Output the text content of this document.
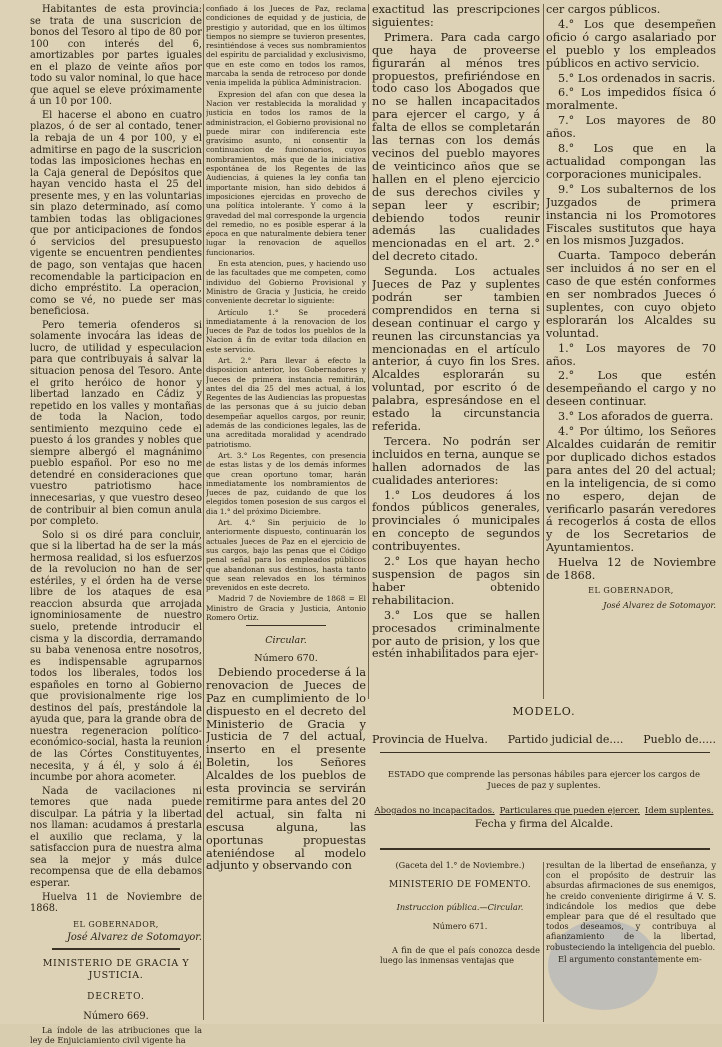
Habitantes de esta provincia: se trata de una suscricion de bonos del Tesoro al tipo de 80 por 100 con interés del 6, amortizables por partes iguales en el plazo de veinte años por todo su valor nominal, lo que hace que aquel se eleve próximamente á un 10 por 100.

El hacerse el abono en cuatro plazos, ó de ser al contado, tener la rebaja de un 4 por 100, y el admitirse en pago de la suscricion todas las imposiciones hechas en la Caja general de Depósitos que hayan vencido hasta el 25 del presente mes, y en las voluntarias sin plazo determinado, así como tambien todas las obligaciones que por anticipaciones de fondos ó servicios del presupuesto vigente se encuentren pendientes de pago, son ventajas que hacen recomendable la participacion en dicho empréstito. La operacion, como se vé, no puede ser mas beneficiosa.

Pero temeria ofenderos si solamente invocára las ideas de lucro, de utilidad y especulacion para que contribuyais á salvar la situacion penosa del Tesoro. Ante el grito heróico de honor y libertad lanzado en Cádiz y repetido en los valles y montañas de toda la Nacion, todo sentimiento mezquino cede el puesto á los grandes y nobles que siempre albergó el magnánimo pueblo español. Por eso no me detendré en consideraciones que vuestro patriotismo hace innecesarias, y que vuestro deseo de contribuir al bien comun anula por completo.

Solo si os diré para concluir, que si la libertad ha de ser la más hermosa realidad, si los esfuerzos de la revolucion no han de ser estériles, y el órden ha de verse libre de los ataques de esa reaccion absurda que arrojada ignominiosamente de nuestro suelo, pretende introducir el cisma y la discordia, derramando su baba venenosa entre nosotros, es indispensable agruparnos todos los liberales, todos los españoles en torno al Gobierno que provisionalmente rige los destinos del país, prestándole la ayuda que, para la grande obra de nuestra regeneracion político-económico-social, hasta la reunion de las Córtes Constituyentes, necesita, y á él, y solo á él incumbe por ahora acometer.

Nada de vacilaciones ni temores que nada puede disculpar. La pátria y la libertad nos llaman: acudamos á prestarla el auxilio que reclama, y la satisfaccion pura de nuestra alma sea la mejor y más dulce recompensa que de ella debamos esperar.

Huelva 11 de Noviembre de 1868.

EL GOBERNADOR,

José Alvarez de Sotomayor.

MINISTERIO DE GRACIA Y JUSTICIA.

DECRETO.

Número 669.

La índole de las atribuciones que la ley de Enjuiciamiento civil vigente ha

confiado á los Jueces de Paz, reclama condiciones de equidad y de justicia, de prestigio y autoridad, que en los últimos tiempos no siempre se tuvieron presentes, resintiéndose á veces sus nombramientos del espíritu de parcialidad y exclusivismo, que en este como en todos los ramos, marcaba la senda de retroceso por donde venia impelida la pública Administracion.

Expresion del afan con que desea la Nacion ver restablecida la moralidad y justicia en todos los ramos de la administracion, el Gobierno provisional no puede mirar con indiferencia este gravísimo asunto, ni consentir la continuacion de funcionarios, cuyos nombramientos, más que de la iniciativa espontánea de los Regentes de las Audiencias, á quienes la ley confia tan importante mision, han sido debidos á imposiciones ejercidas en provecho de una política intolerante. Y como á la gravedad del mal corresponde la urgencia del remedio, no es posible esperar á la época en que naturalmente debiera tener lugar la renovacion de aquellos funcionarios.

En esta atencion, pues, y haciendo uso de las facultades que me competen, como individuo del Gobierno Provisional y Ministro de Gracia y Justicia, he creido conveniente decretar lo siguiente:

Artículo 1.° Se procederá inmediatamente á la renovacion de los Jueces de Paz de todos los pueblos de la Nacion á fin de evitar toda dilacion en este servicio.

Art. 2.° Para llevar á efecto la disposicion anterior, los Gobernadores y Jueces de primera instancia remitirán, antes del dia 25 del mes actual, á los Regentes de las Audiencias las propuestas de las personas que á su juicio deban desempeñar aquellos cargos, por reunir, además de las condiciones legales, las de una acreditada moralidad y acendrado patriotismo.

Art. 3.° Los Regentes, con presencia de estas listas y de los demás informes que crean oportuno tomar, harán inmediatamente los nombramientos de Jueces de paz, cuidando de que los elegidos tomen posesion de sus cargos el dia 1.° del próximo Diciembre.

Art. 4.° Sin perjuicio de lo anteriormente dispuesto, continuarán los actuales Jueces de Paz en el ejercicio de sus cargos, bajo las penas que el Código penal señal para los empleados públicos que abandonan sus destinos, hasta tanto que sean relevados en los términos prevenidos en este decreto.

Madrid 7 de Noviembre de 1868 = El Ministro de Gracia y Justicia, Antonio Romero Ortiz.

Circular.

Número 670.

Debiendo procederse á la renovacion de Jueces de Paz en cumplimiento de lo dispuesto en el decreto del Ministerio de Gracia y Justicia de 7 del actual, inserto en el presente Boletin, los Señores Alcaldes de los pueblos de esta provincia se servirán remitirme para antes del 20 del actual, sin falta ni escusa alguna, las oportunas propuestas ateniéndose al modelo adjunto y observando con

exactitud las prescripciones siguientes:

Primera. Para cada cargo que haya de proveerse figurarán al ménos tres propuestos, prefiriéndose en todo caso los Abogados que no se hallen incapacitados para ejercer el cargo, y á falta de ellos se completarán las ternas con los demás vecinos del pueblo mayores de veinticinco años que se hallen en el pleno ejercicio de sus derechos civiles y sepan leer y escribir; debiendo todos reunir además las cualidades mencionadas en el art. 2.° del decreto citado.

Segunda. Los actuales Jueces de Paz y suplentes podrán ser tambien comprendidos en terna si desean continuar el cargo y reunen las circunstancias ya mencionadas en el artículo anterior, á cuyo fin los Sres. Alcaldes esplorarán su voluntad, por escrito ó de palabra, espresándose en el estado la circunstancia referida.

Tercera. No podrán ser incluidos en terna, aunque se hallen adornados de las cualidades anteriores:

1.° Los deudores á los fondos públicos generales, provinciales ó municipales en concepto de segundos contribuyentes.

2.° Los que hayan hecho suspension de pagos sin haber obtenido rehabilitacion.

3.° Los que se hallen procesados criminalmente por auto de prision, y los que estén inhabilitados para ejer-

cer cargos públicos.

4.° Los que desempeñen oficio ó cargo asalariado por el pueblo y los empleados públicos en activo servicio.

5.° Los ordenados in sacris.

6.° Los impedidos física ó moralmente.

7.° Los mayores de 80 años.

8.° Los que en la actualidad compongan las corporaciones municipales.

9.° Los subalternos de los Juzgados de primera instancia ni los Promotores Fiscales sustitutos que haya en los mismos Juzgados.

Cuarta. Tampoco deberán ser incluidos á no ser en el caso de que estén conformes en ser nombrados Jueces ó suplentes, con cuyo objeto esplorarán los Alcaldes su voluntad.

1.° Los mayores de 70 años.

2.° Los que estén desempeñando el cargo y no deseen continuar.

3.° Los aforados de guerra.

4.° Por último, los Señores Alcaldes cuidarán de remitir por duplicado dichos estados para antes del 20 del actual; en la inteligencia, de si como no espero, dejan de verificarlo pasarán veredores á recogerlos á costa de ellos y de los Secretarios de Ayuntamientos.

Huelva 12 de Noviembre de 1868.

EL GOBERNADOR,

José Alvarez de Sotomayor.

MODELO.
Provincia de Huelva. Partido judicial de.... Pueblo de.....
ESTADO que comprende las personas hábiles para ejercer los cargos de Jueces de paz y suplentes.
Abogados no incapacitados. Particulares que pueden ejercer. Idem suplentes.
Fecha y firma del Alcalde.

(Gaceta del 1.° de Noviembre.)

MINISTERIO DE FOMENTO.

Instruccion pública.—Circular.

Número 671.

A fin de que el país conozca desde luego las inmensas ventajas que

resultan de la libertad de enseñanza, y con el propósito de destruir las absurdas afirmaciones de sus enemigos, he creido conveniente dirigirme á V. S. indicándole los medios que debe emplear para que dé el resultado que todos deseamos, y contribuya al afianzamiento de la libertad, robusteciendo la inteligencia del pueblo.

El argumento constantemente em-
